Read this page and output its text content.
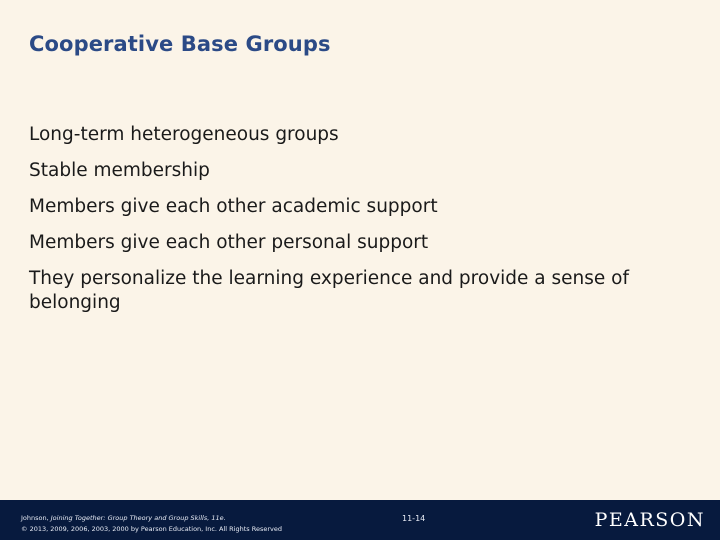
Cooperative Base Groups
Long-term heterogeneous groups
Stable membership
Members give each other academic support
Members give each other personal support
They personalize the learning experience and provide a sense of belonging
Johnson, Joining Together: Group Theory and Group Skills, 11e.
© 2013, 2009, 2006, 2003, 2000 by Pearson Education, Inc. All Rights Reserved
11-14	PEARSON
